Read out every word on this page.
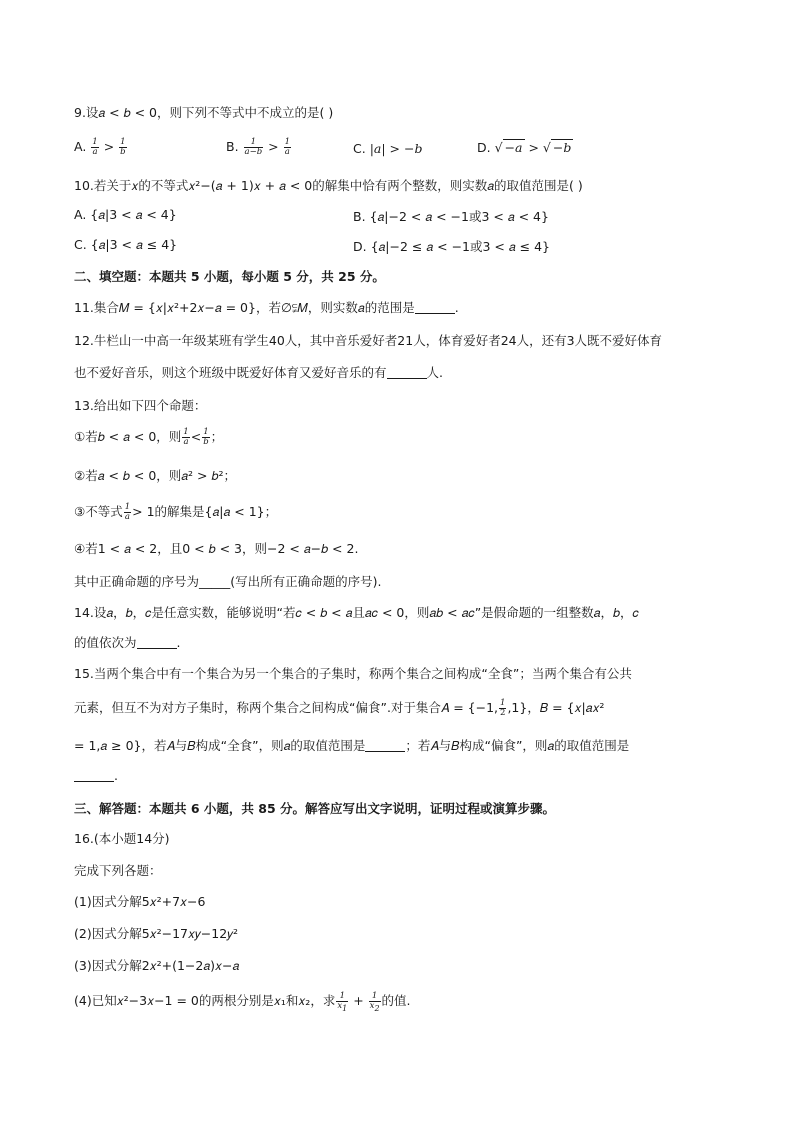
9.设𝑎 < 𝑏 < 0，则下列不等式中不成立的是( )
A. $\frac{1}{a} > \frac{1}{b}$	B. $\frac{1}{a-b} > \frac{1}{a}$	C. |a| > −b	D. √ −a > √ −b
10.若关于𝑥的不等式𝑥²−(𝑎 + 1)𝑥 + 𝑎 < 0的解集中恰有两个整数，则实数𝑎的取值范围是( )
A. {𝑎|3 < 𝑎 < 4}	B. {𝑎|−2 < 𝑎 < −1或3 < 𝑎 < 4}
C. {𝑎|3 < 𝑎 ≤ 4}	D. {𝑎|−2 ≤ 𝑎 < −1或3 < 𝑎 ≤ 4}
二、填空题：本题共 5 小题，每小题 5 分，共 25 分。
11.集合𝑀 = {𝑥|𝑥²+2𝑥−𝑎 = 0}，若∅⫋𝑀，则实数𝑎的范围是	.
12.牛栏山一中高一年级某班有学生40人，其中音乐爱好者21人，体育爱好者24人，还有3人既不爱好体育
也不爱好音乐，则这个班级中既爱好体育又爱好音乐的有	人.
13.给出如下四个命题：
①若𝑏 < 𝑎 < 0，则 $\frac{1}{a} < \frac{1}{b}$ ；
②若𝑎 < 𝑏 < 0，则𝑎² > 𝑏²；
③不等式 $\frac{1}{a} > 1$的解集是{𝑎|𝑎 < 1}；
④若1 < 𝑎 < 2，且0 < 𝑏 < 3，则−2 < 𝑎−𝑏 < 2.
其中正确命题的序号为_____(写出所有正确命题的序号).
14.设𝑎，𝑏，𝑐是任意实数，能够说明“若𝑐 < 𝑏 < 𝑎且𝑎𝑐 < 0，则𝑎𝑏 < 𝑎𝑐”是假命题的一组整数𝑎，𝑏，𝑐
的值依次为	.
15.当两个集合中有一个集合为另一个集合的子集时，称两个集合之间构成“全食”；当两个集合有公共
元素，但互不为对方子集时，称两个集合之间构成“偏食”.对于集合𝐴 = {−1, $\frac{1}{2} ,1$}，𝐵 = {𝑥|𝑎𝑥²
= 1,𝑎 ≥ 0}，若𝐴与𝐵构成“全食”，则𝑎的取值范围是	；若𝐴与𝐵构成“偏食”，则𝑎的取值范围是
.
三、解答题：本题共 6 小题，共 85 分。解答应写出文字说明，证明过程或演算步骤。
16.(本小题14分)
完成下列各题：
(1)因式分解5𝑥²+7𝑥−6
(2)因式分解5𝑥²−17𝑥𝑦−12𝑦²
(3)因式分解2𝑥²+(1−2𝑎)𝑥−𝑎
(4)已知𝑥²−3𝑥−1 = 0的两根分别是𝑥₁和𝑥₂，求 $\frac{1}{x_1} + \frac{1}{x_2}$ 的值.
